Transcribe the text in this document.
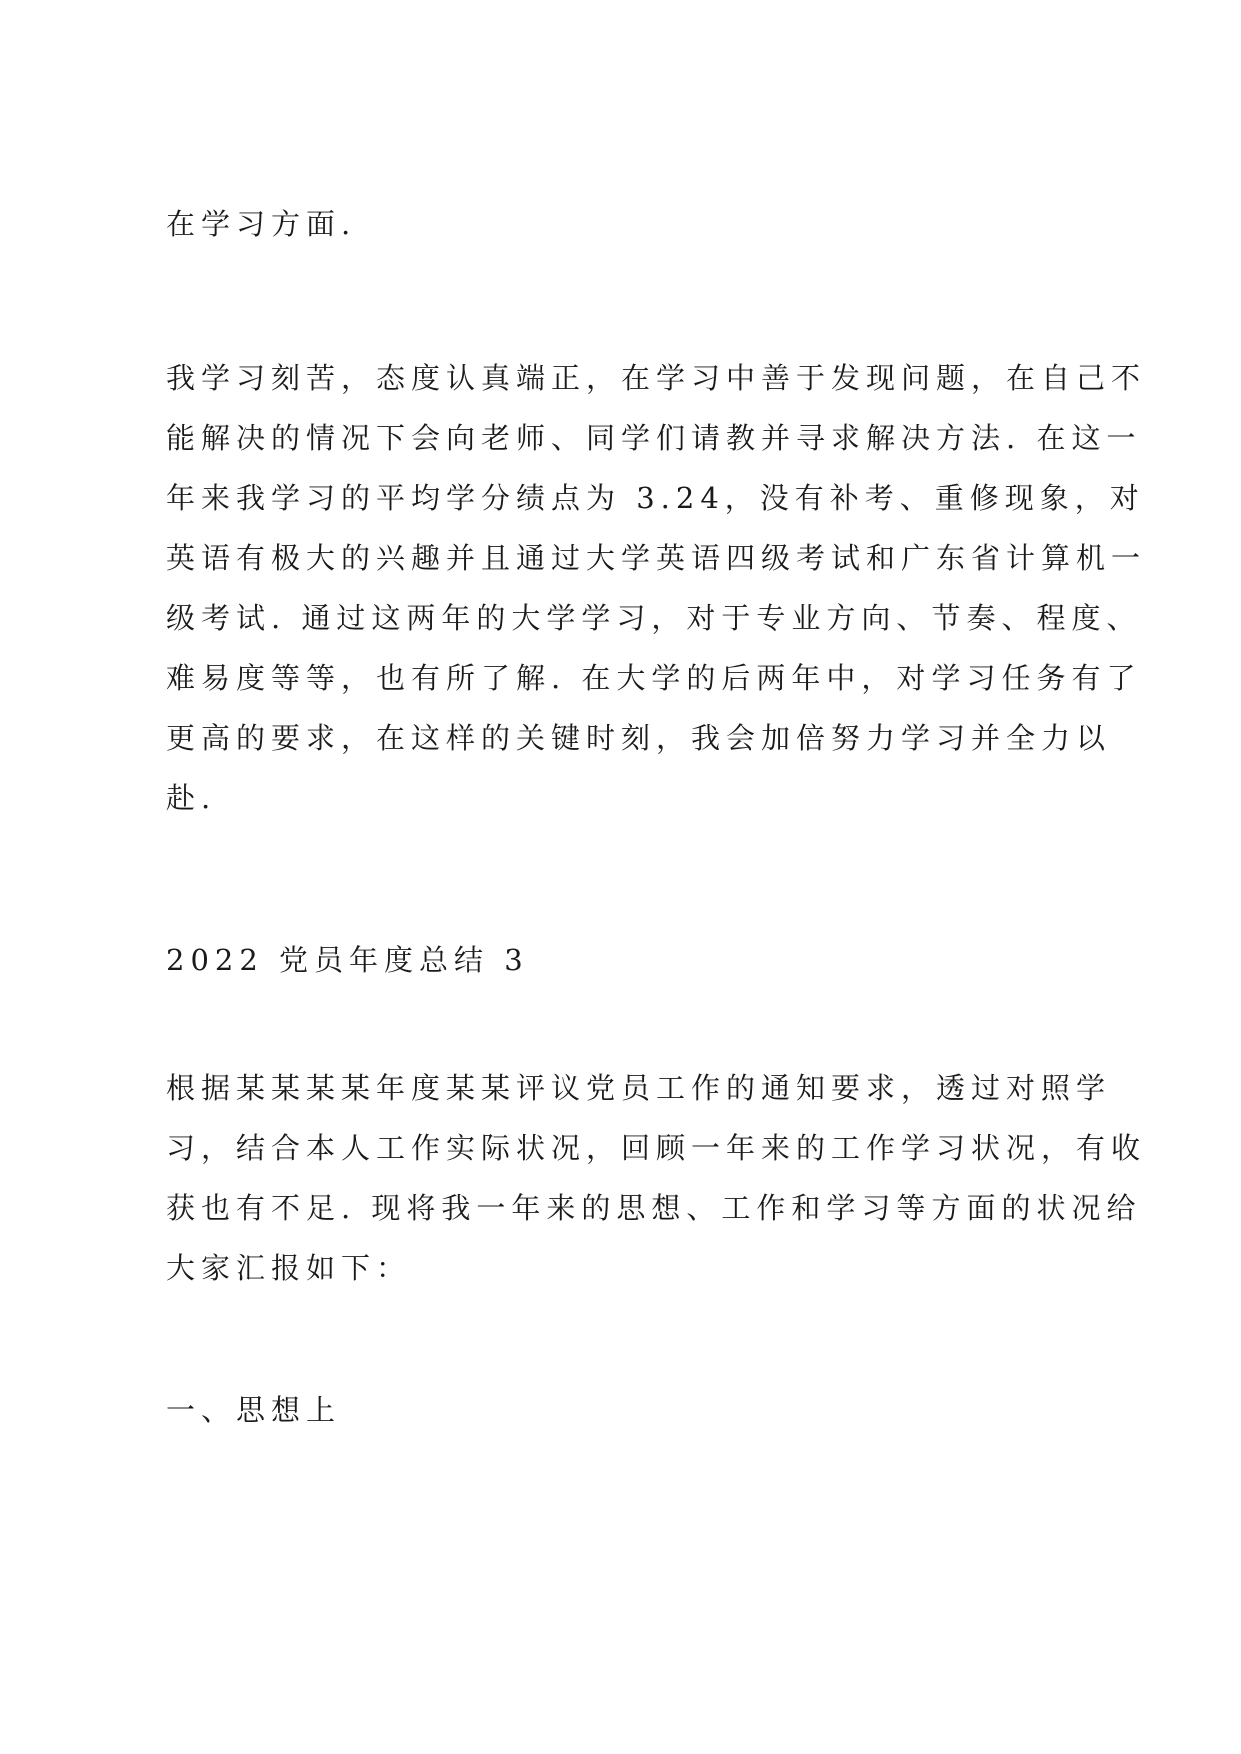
在学习方面.

我学习刻苦，态度认真端正，在学习中善于发现问题，在自己不
能解决的情况下会向老师、同学们请教并寻求解决方法. 在这一
年来我学习的平均学分绩点为 3.24，没有补考、重修现象，对
英语有极大的兴趣并且通过大学英语四级考试和广东省计算机一
级考试. 通过这两年的大学学习，对于专业方向、节奏、程度、
难易度等等，也有所了解. 在大学的后两年中，对学习任务有了
更高的要求，在这样的关键时刻，我会加倍努力学习并全力以
赴.

2022 党员年度总结 3

根据某某某某年度某某评议党员工作的通知要求，透过对照学
习，结合本人工作实际状况，回顾一年来的工作学习状况，有收
获也有不足. 现将我一年来的思想、工作和学习等方面的状况给
大家汇报如下：

一、思想上
